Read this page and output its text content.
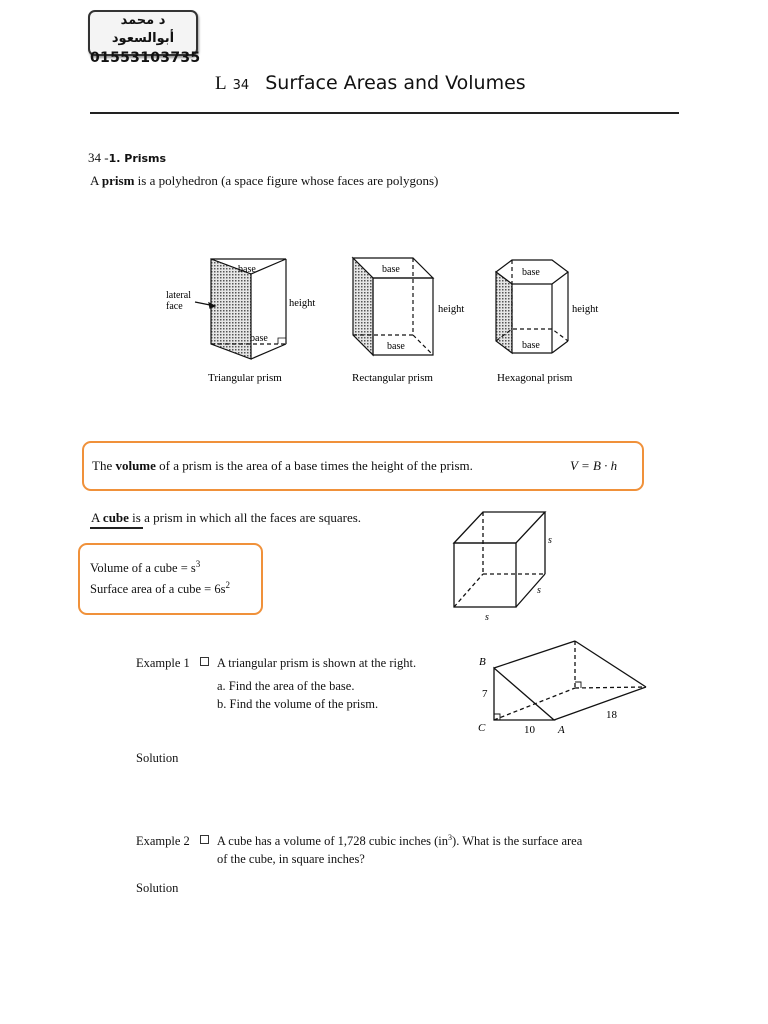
د محمد أبوالسعود
01553103735
L 34 Surface Areas and Volumes
34 -1. Prisms
A prism is a polyhedron (a space figure whose faces are polygons)
base
lateral
face	height
base
Triangular prism
base
height
base
Rectangular prism
base
height
base
Hexagonal prism
The volume of a prism is the area of a base times the height of the prism.	V = B · h
A cube is a prism in which all the faces are squares.
Volume of a cube = $s^3$
Surface area of a cube = $6s^2$
s
s
s
Example 1 A triangular prism is shown at the right.
a. Find the area of the base.
b. Find the volume of the prism.
Solution
B
7
C	10 A
18
Example 2 A cube has a volume of 1,728 cubic inches $(in^3)$. What is the surface area
of the cube, in square inches?
Solution
